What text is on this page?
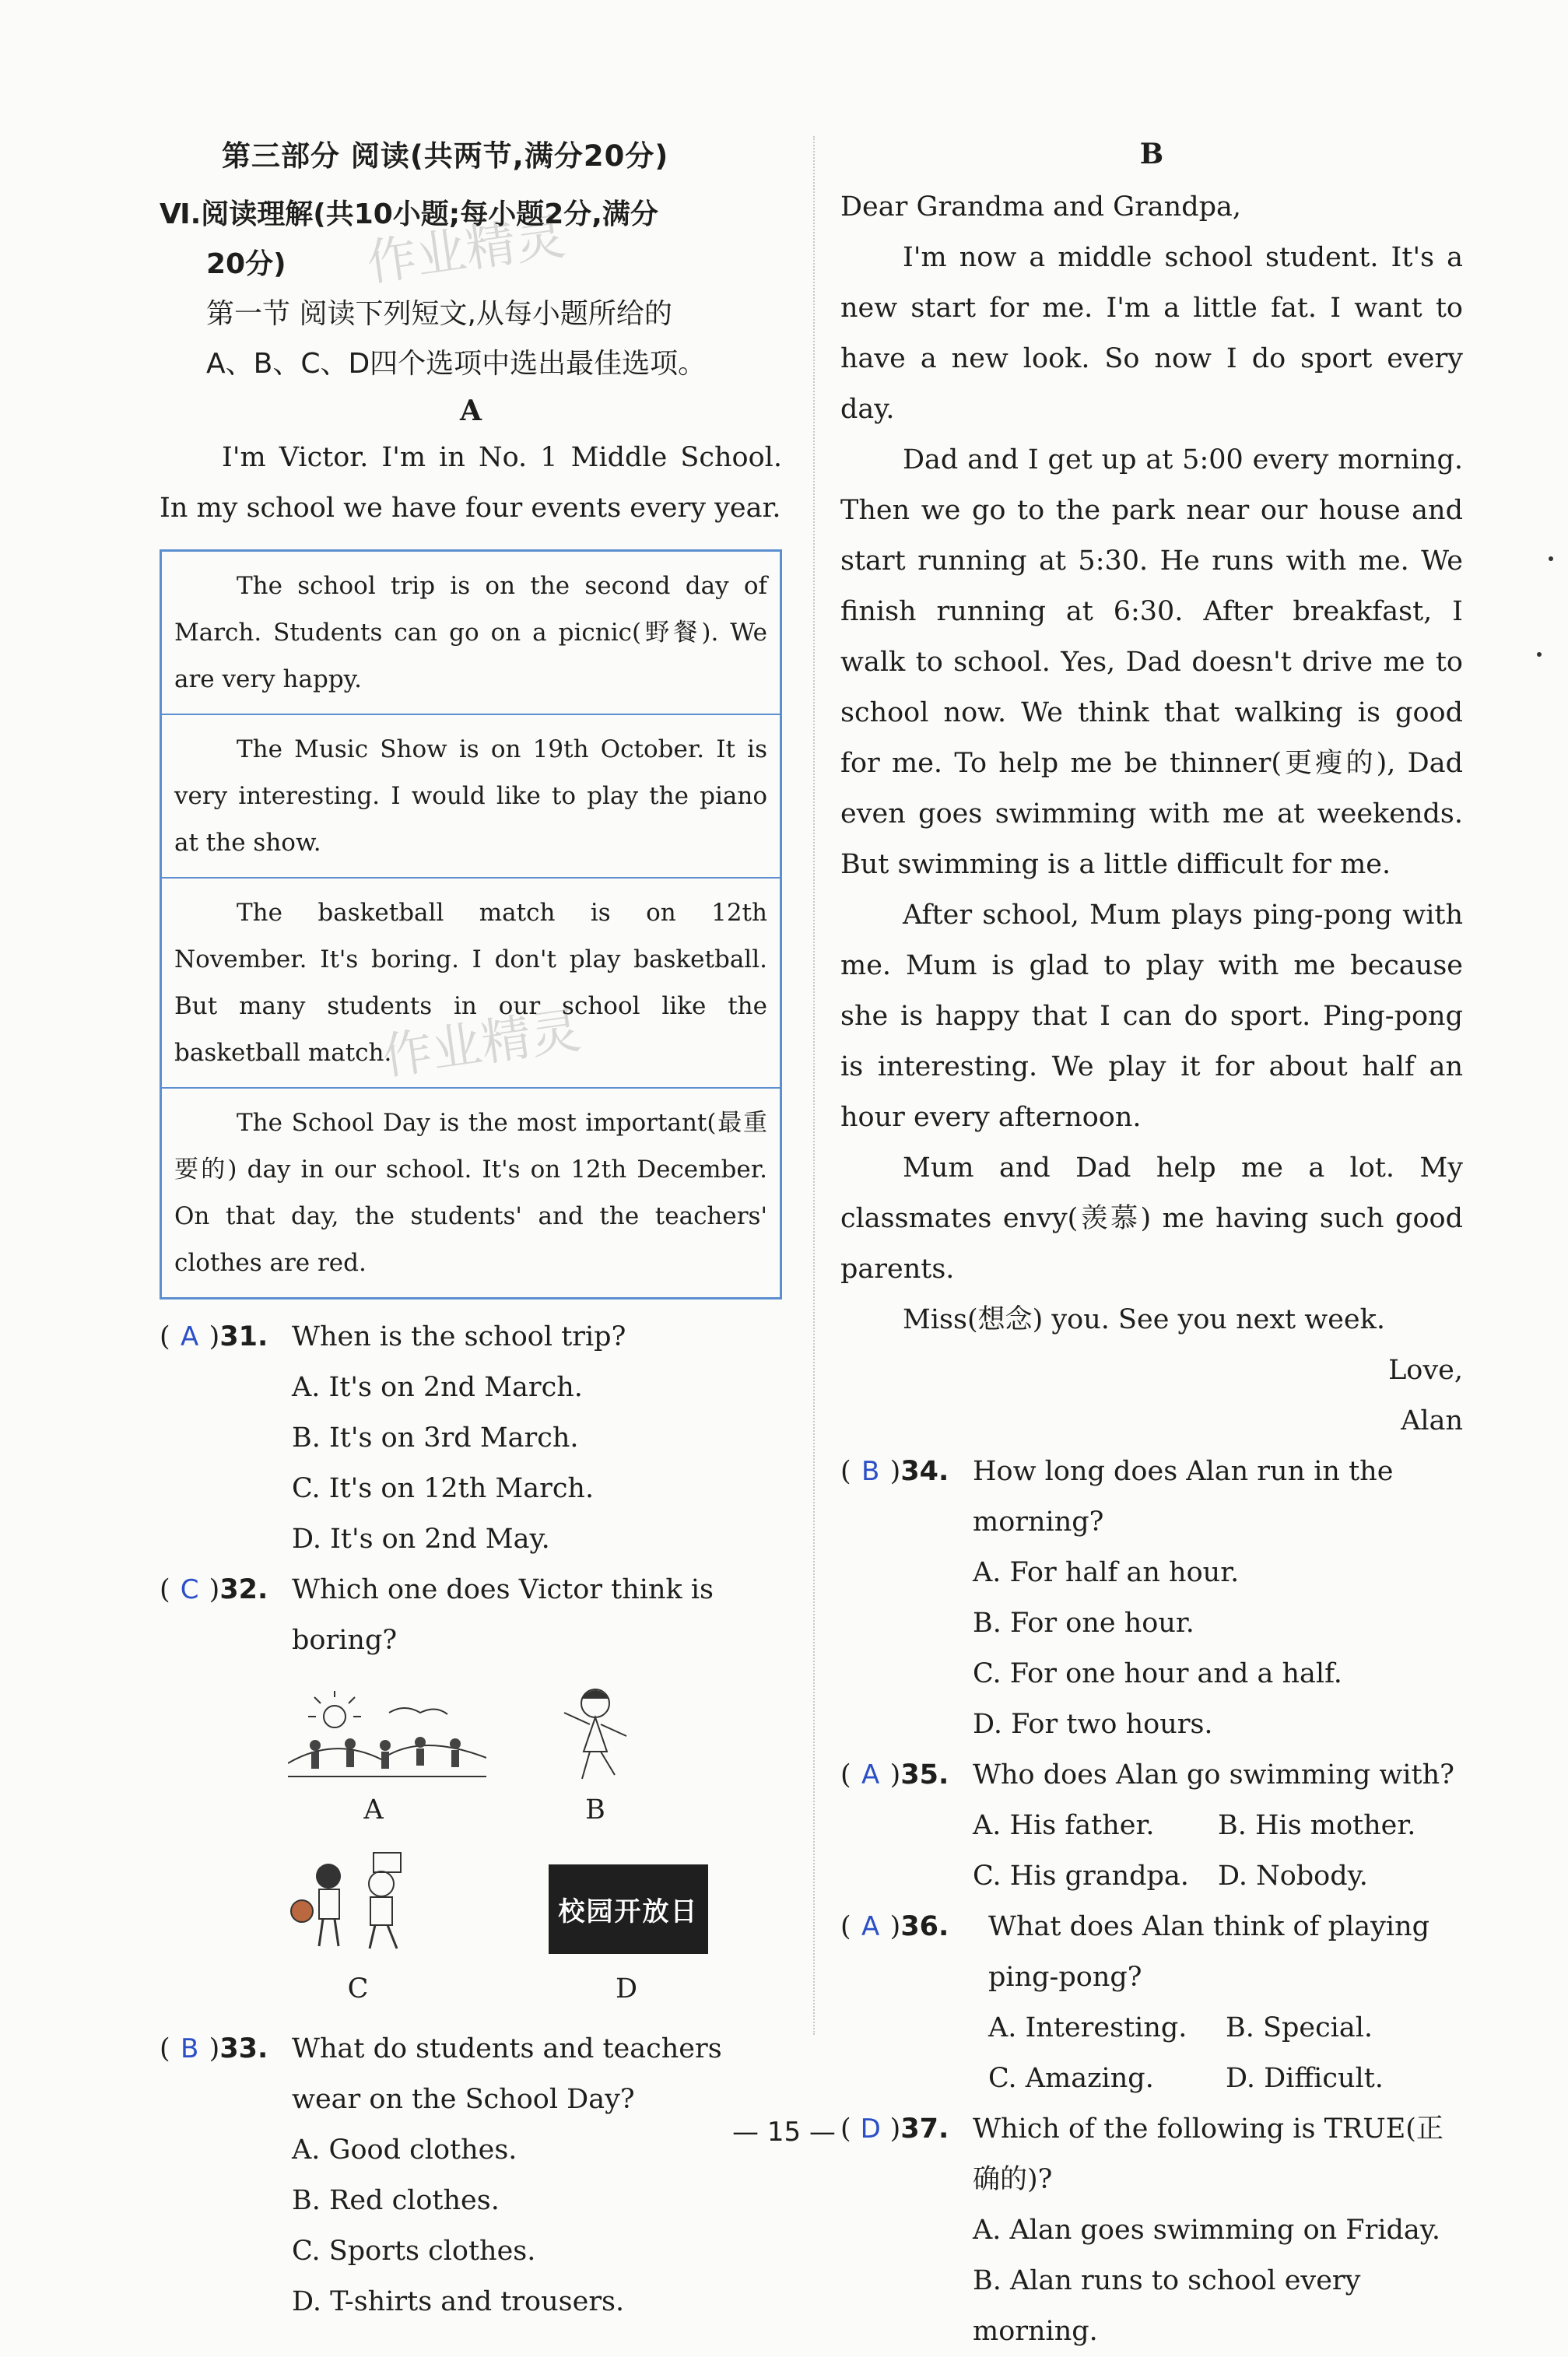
作业精灵
作业精灵
第三部分 阅读(共两节,满分20分)
Ⅵ.阅读理解(共10小题;每小题2分,满分
20分)
第一节 阅读下列短文,从每小题所给的
A、B、C、D四个选项中选出最佳选项。
A

I'm Victor. I'm in No. 1 Middle School. In my school we have four events every year.

The school trip is on the second day of March. Students can go on a picnic(野餐). We are very happy.
The Music Show is on 19th October. It is very interesting. I would like to play the piano at the show.
The basketball match is on 12th November. It's boring. I don't play basketball. But many students in our school like the basketball match.
The School Day is the most important(最重要的) day in our school. It's on 12th December. On that day, the students' and the teachers' clothes are red.
( A )31. When is the school trip?
A. It's on 2nd March.
B. It's on 3rd March.
C. It's on 12th March.
D. It's on 2nd May.
( C )32. Which one does Victor think is boring?
A	B
C
校园开放日
D
( B )33. What do students and teachers wear on the School Day?
A. Good clothes.
B. Red clothes.
C. Sports clothes.
D. T-shirts and trousers.
B

Dear Grandma and Grandpa,

I'm now a middle school student. It's a new start for me. I'm a little fat. I want to have a new look. So now I do sport every day.

Dad and I get up at 5:00 every morning. Then we go to the park near our house and start running at 5:30. He runs with me. We finish running at 6:30. After breakfast, I walk to school. Yes, Dad doesn't drive me to school now. We think that walking is good for me. To help me be thinner(更瘦的), Dad even goes swimming with me at weekends. But swimming is a little difficult for me.

After school, Mum plays ping-pong with me. Mum is glad to play with me because she is happy that I can do sport. Ping-pong is interesting. We play it for about half an hour every afternoon.

Mum and Dad help me a lot. My classmates envy(羡慕) me having such good parents.

Miss(想念) you. See you next week.

Love,
Alan
( B )34. How long does Alan run in the morning?
A. For half an hour.
B. For one hour.
C. For one hour and a half.
D. For two hours.
( A )35. Who does Alan go swimming with?
A. His father.	B. His mother.
C. His grandpa.	D. Nobody.
( A )36.	What does Alan think of playing ping-pong?
A. Interesting.	B. Special.
C. Amazing.	D. Difficult.
( D )37. Which of the following is TRUE(正确的)?
A. Alan goes swimming on Friday.
B. Alan runs to school every morning.
— 15 —
